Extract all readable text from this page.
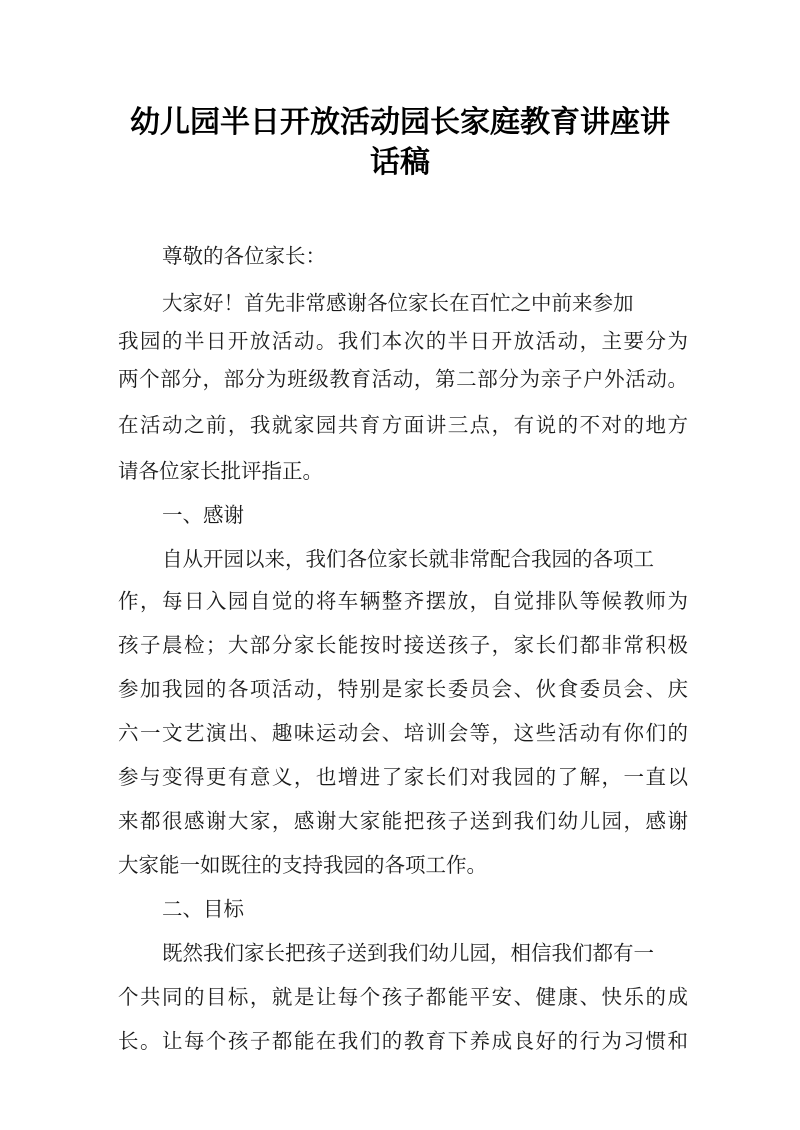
幼儿园半日开放活动园长家庭教育讲座讲
话稿
尊敬的各位家长：
大家好！首先非常感谢各位家长在百忙之中前来参加
我园的半日开放活动。我们本次的半日开放活动，主要分为
两个部分，部分为班级教育活动，第二部分为亲子户外活动。
在活动之前，我就家园共育方面讲三点，有说的不对的地方
请各位家长批评指正。
一、感谢
自从开园以来，我们各位家长就非常配合我园的各项工
作，每日入园自觉的将车辆整齐摆放，自觉排队等候教师为
孩子晨检；大部分家长能按时接送孩子，家长们都非常积极
参加我园的各项活动，特别是家长委员会、伙食委员会、庆
六一文艺演出、趣味运动会、培训会等，这些活动有你们的
参与变得更有意义，也增进了家长们对我园的了解，一直以
来都很感谢大家，感谢大家能把孩子送到我们幼儿园，感谢
大家能一如既往的支持我园的各项工作。
二、目标
既然我们家长把孩子送到我们幼儿园，相信我们都有一
个共同的目标，就是让每个孩子都能平安、健康、快乐的成
长。让每个孩子都能在我们的教育下养成良好的行为习惯和
